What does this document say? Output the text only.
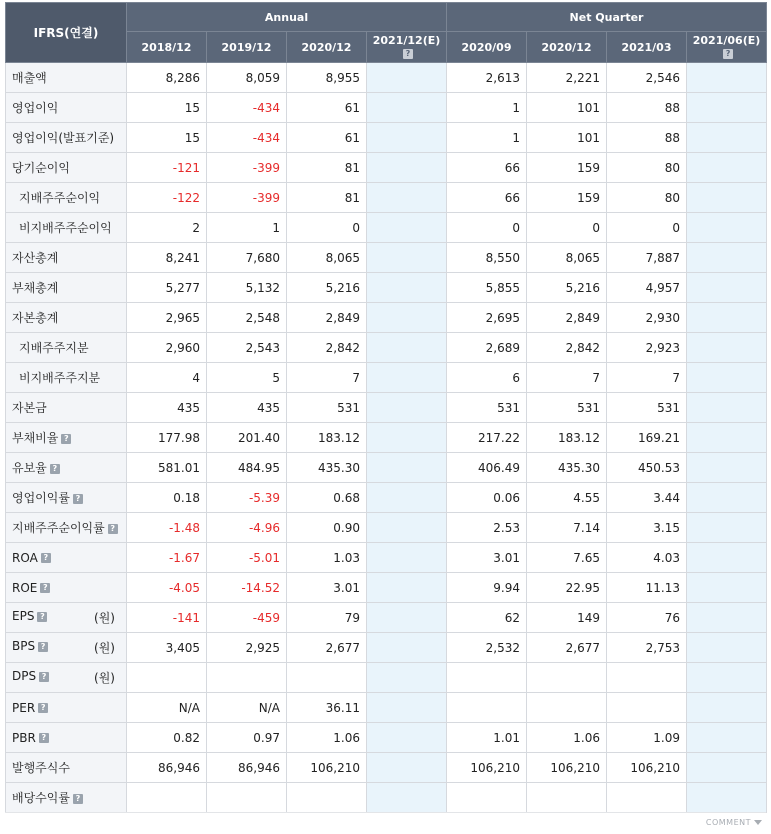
IFRS(연결)	Annual				Net Quarter			
	2018/12	2019/12	2020/12	2021/12(E)?	2020/09	2020/12	2021/03	2021/06(E)?
매출액	8,286	8,059	8,955		2,613	2,221	2,546	
영업이익	15	-434	61		1	101	88	
영업이익(발표기준)	15	-434	61		1	101	88	
당기순이익	-121	-399	81		66	159	80	
지배주주순이익	-122	-399	81		66	159	80	
비지배주주순이익	2	1	0		0	0	0	
자산총계	8,241	7,680	8,065		8,550	8,065	7,887	
부채총계	5,277	5,132	5,216		5,855	5,216	4,957	
자본총계	2,965	2,548	2,849		2,695	2,849	2,930	
지배주주지분	2,960	2,543	2,842		2,689	2,842	2,923	
비지배주주지분	4	5	7		6	7	7	
자본금	435	435	531		531	531	531	
부채비율 ?	177.98	201.40	183.12		217.22	183.12	169.21	
유보율 ?	581.01	484.95	435.30		406.49	435.30	450.53	
영업이익률 ?	0.18	-5.39	0.68		0.06	4.55	3.44	
지배주주순이익률 ?	-1.48	-4.96	0.90		2.53	7.14	3.15	
ROA ?	-1.67	-5.01	1.03		3.01	7.65	4.03	
ROE ?	-4.05	-14.52	3.01		9.94	22.95	11.13	
EPS ? (원)	-141	-459	79		62	149	76	
BPS ? (원)	3,405	2,925	2,677		2,532	2,677	2,753	
DPS ? (원)								

PER ?	N/A	N/A	36.11					
PBR ?	0.82	0.97	1.06		1.01	1.06	1.09	
발행주식수	86,946	86,946	106,210		106,210	106,210	106,210	
배당수익률 ?								
COMMENT
